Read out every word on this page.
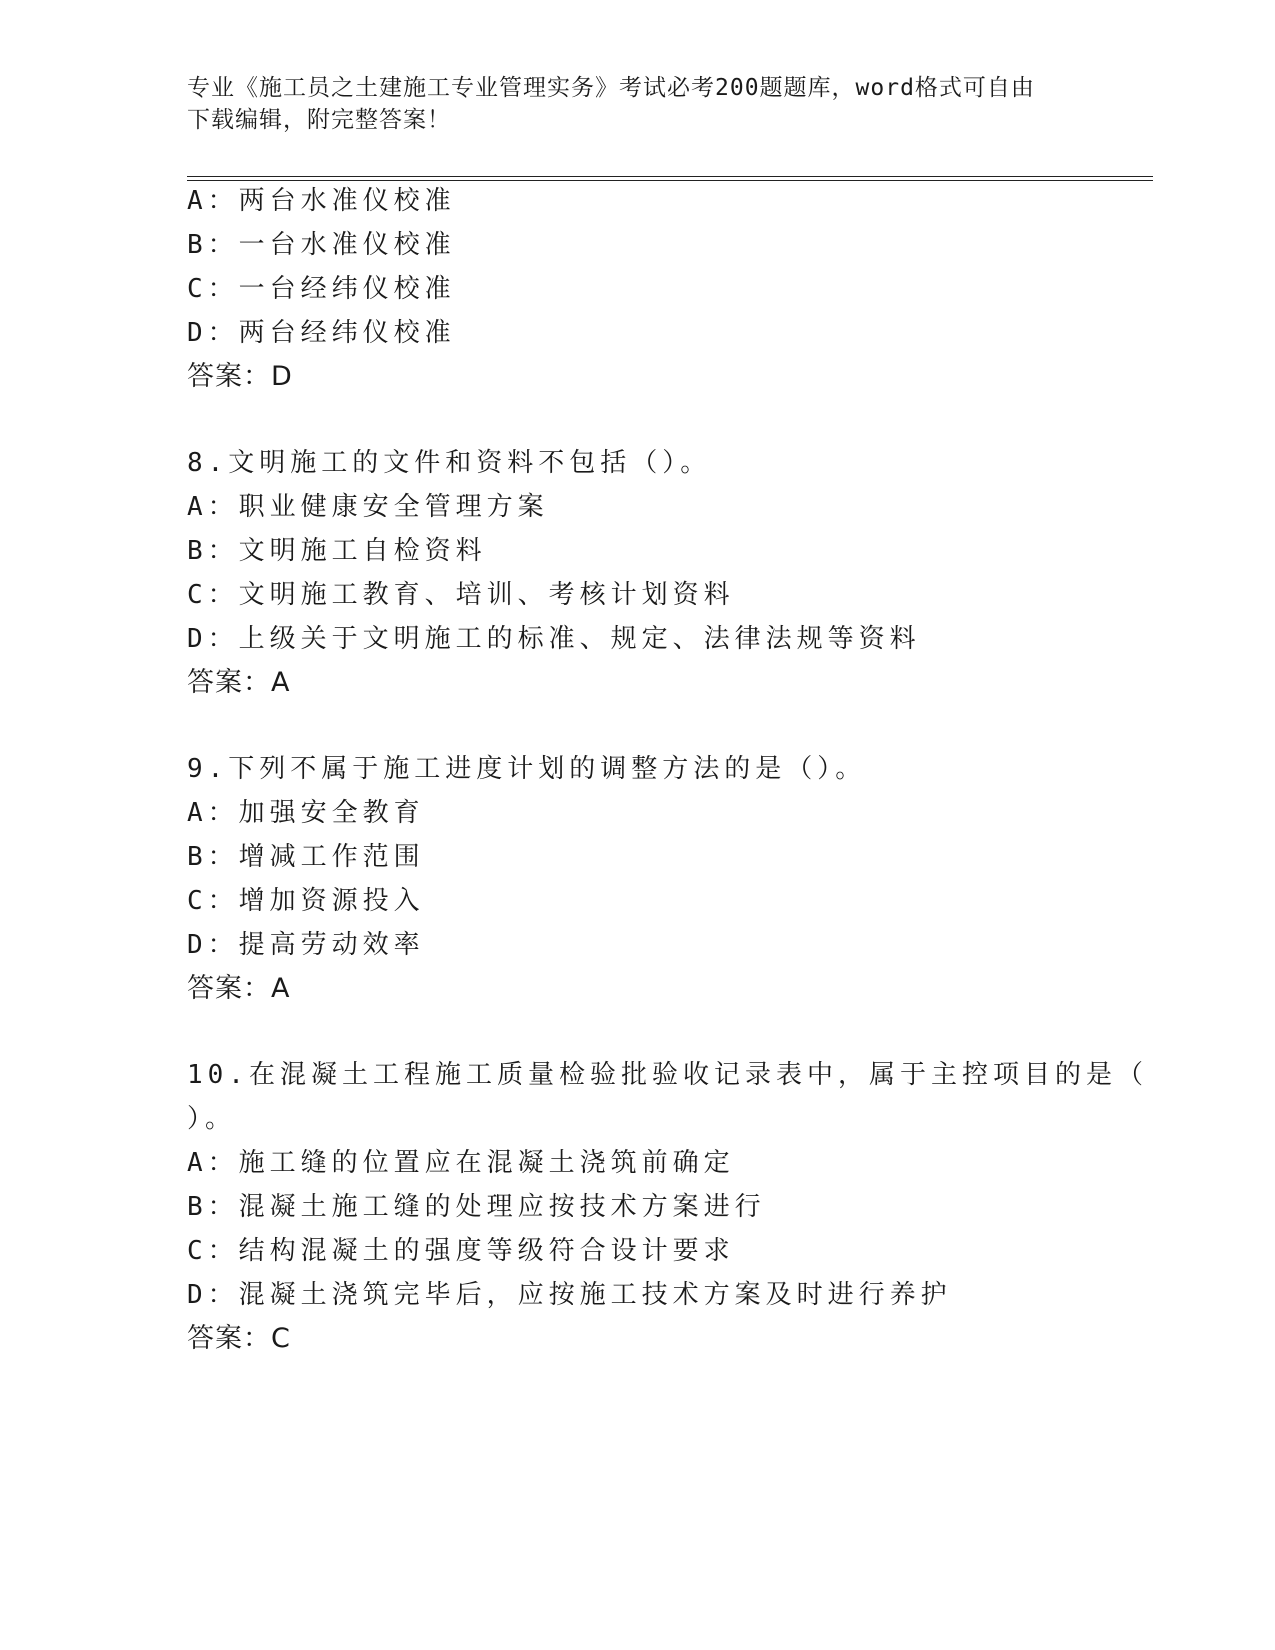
专业《施工员之土建施工专业管理实务》考试必考200题题库，word格式可自由
下载编辑，附完整答案！
A：两台水准仪校准
B：一台水准仪校准
C：一台经纬仪校准
D：两台经纬仪校准
答案：D
8.文明施工的文件和资料不包括（）。
A：职业健康安全管理方案
B：文明施工自检资料
C：文明施工教育、培训、考核计划资料
D：上级关于文明施工的标准、规定、法律法规等资料
答案：A
9.下列不属于施工进度计划的调整方法的是（）。
A：加强安全教育
B：增减工作范围
C：增加资源投入
D：提高劳动效率
答案：A
10.在混凝土工程施工质量检验批验收记录表中，属于主控项目的是（
）。
A：施工缝的位置应在混凝土浇筑前确定
B：混凝土施工缝的处理应按技术方案进行
C：结构混凝土的强度等级符合设计要求
D：混凝土浇筑完毕后，应按施工技术方案及时进行养护
答案：C
